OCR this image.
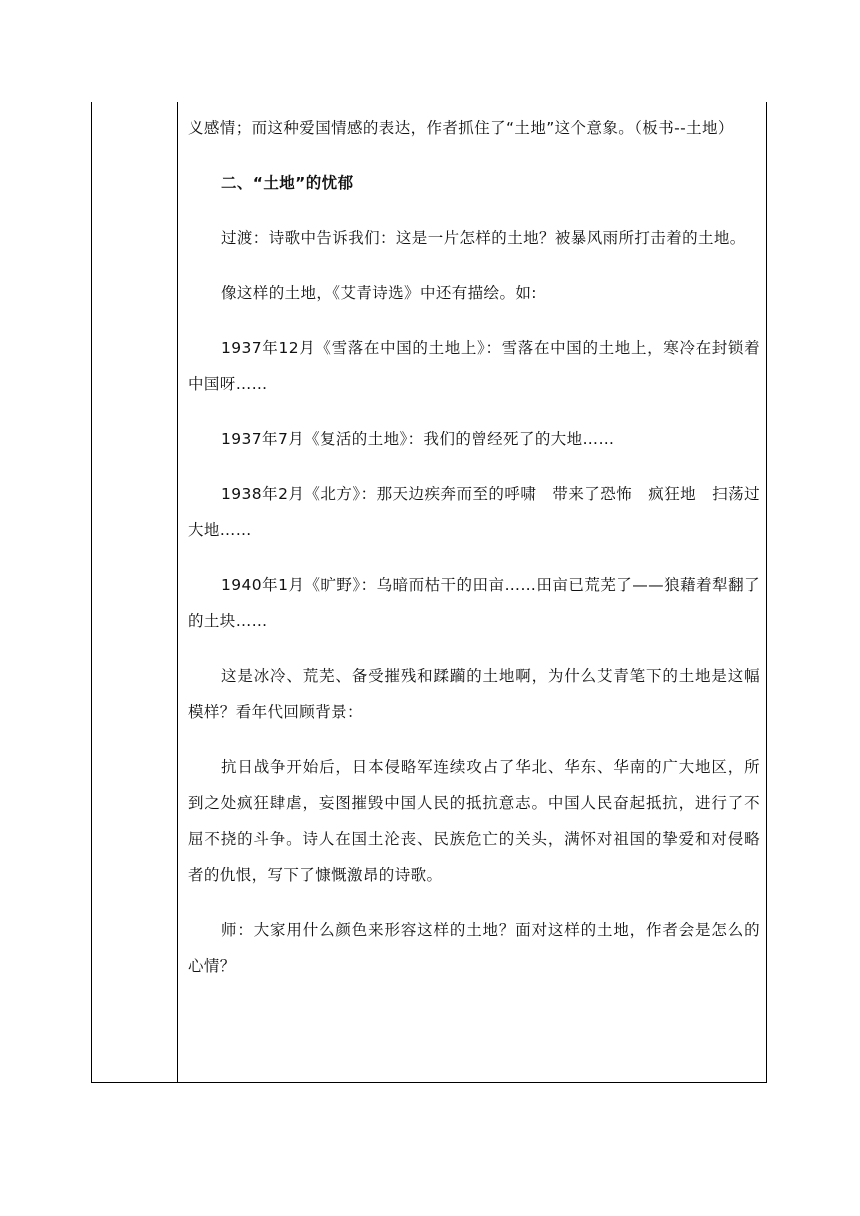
义感情；而这种爱国情感的表达，作者抓住了“土地”这个意象。（板书--土地）

二、“土地”的忧郁

过渡：诗歌中告诉我们：这是一片怎样的土地？被暴风雨所打击着的土地。

像这样的土地，《艾青诗选》中还有描绘。如:

1937年12月《雪落在中国的土地上》：雪落在中国的土地上，寒冷在封锁着中国呀……

1937年7月《复活的土地》：我们的曾经死了的大地……

1938年2月《北方》：那天边疾奔而至的呼啸　带来了恐怖　疯狂地　扫荡过大地……

1940年1月《旷野》：乌暗而枯干的田亩……田亩已荒芜了——狼藉着犁翻了的土块……

这是冰冷、荒芜、备受摧残和蹂躏的土地啊，为什么艾青笔下的土地是这幅模样？看年代回顾背景：

抗日战争开始后，日本侵略军连续攻占了华北、华东、华南的广大地区，所到之处疯狂肆虐，妄图摧毁中国人民的抵抗意志。中国人民奋起抵抗，进行了不屈不挠的斗争。诗人在国土沦丧、民族危亡的关头，满怀对祖国的挚爱和对侵略者的仇恨，写下了慷慨激昂的诗歌。

师：大家用什么颜色来形容这样的土地？面对这样的土地，作者会是怎么的心情？
